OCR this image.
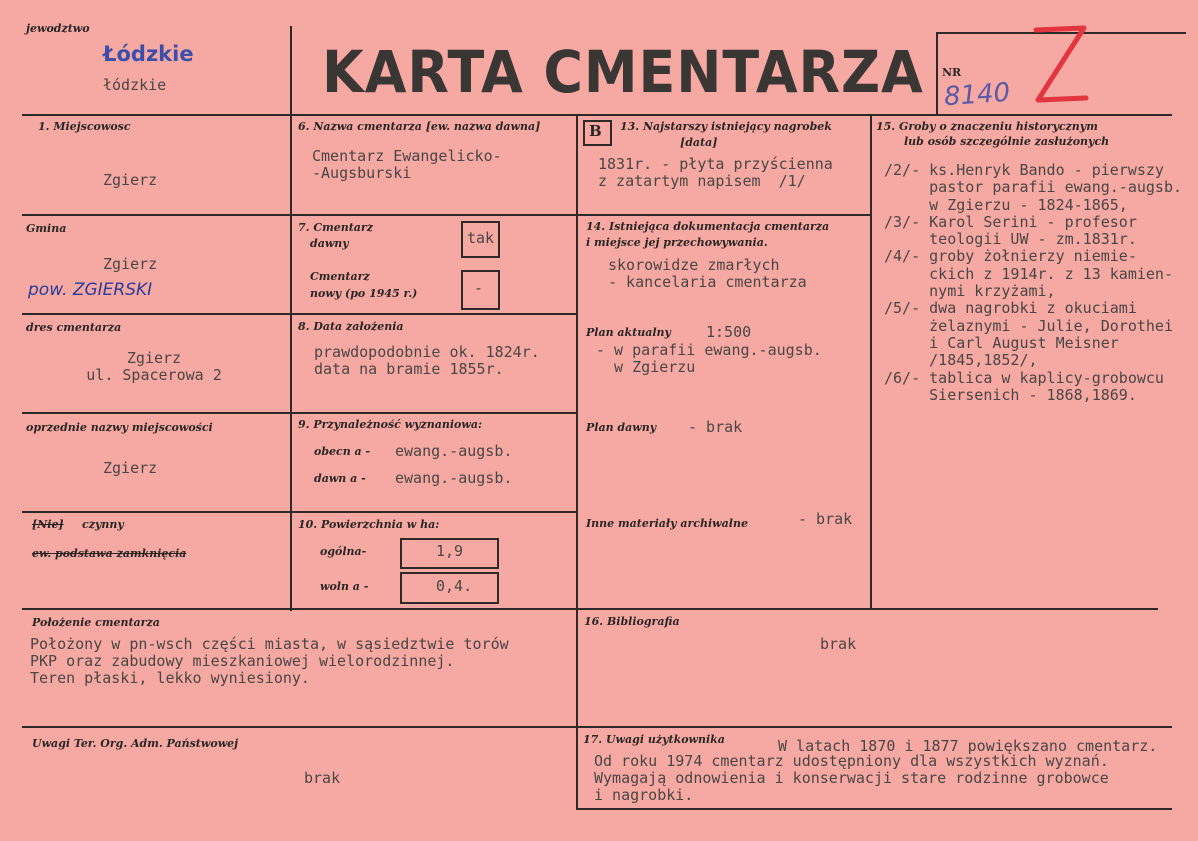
jewodztwo
Łódzkie
łódzkie	KARTA CMENTARZA NR
8140
1. Miejscowosc
Zgierz
Gmina
Zgierz
pow. ZGIERSKI
dres cmentarza
Zgierz
ul. Spacerowa 2
oprzednie nazwy miejscowości
Zgierz
[Nie] czynny
ew. podstawa zamknięcia
Położenie cmentarza
Położony w pn-wsch części miasta, w sąsiedztwie torów
PKP oraz zabudowy mieszkaniowej wielorodzinnej.
Teren płaski, lekko wyniesiony.
Uwagi Ter. Org. Adm. Państwowej
brak
6. Nazwa cmentarza [ew. nazwa dawna]
Cmentarz Ewangelicko-
-Augsburski
7. Cmentarz
dawny	tak
Cmentarz
nowy (po 1945 r.)	-
8. Data założenia
prawdopodobnie ok. 1824r.
data na bramie 1855r.
9. Przynależność wyznaniowa:
obecn a - ewang.-augsb.
dawn a - ewang.-augsb.
10. Powierzchnia w ha:
ogólna-	1,9
woln a -	0,4.
B 13. Najstarszy istniejący nagrobek
[data]
1831r. - płyta przyścienna
z zatartym napisem  /1/
14. Istniejąca dokumentacja cmentarza
i miejsce jej przechowywania.
skorowidze zmarłych
- kancelaria cmentarza
Plan aktualny 1:500
- w parafii ewang.-augsb.
w Zgierzu
Plan dawny - brak
Inne materiały archiwalne	- brak
16. Bibliografia
brak
17. Uwagi użytkownika	W latach 1870 i 1877 powiększano cmentarz.
Od roku 1974 cmentarz udostępniony dla wszystkich wyznań.
Wymagają odnowienia i konserwacji stare rodzinne grobowce
i nagrobki.
15. Groby o znaczeniu historycznym
lub osób szczególnie zasłużonych
/2/- ks.Henryk Bando - pierwszy
pastor parafii ewang.-augsb.
w Zgierzu - 1824-1865,
/3/- Karol Serini - profesor
teologii UW - zm.1831r.
/4/- groby żołnierzy niemie-
ckich z 1914r. z 13 kamien-
nymi krzyżami,
/5/- dwa nagrobki z okuciami
żelaznymi - Julie, Dorothei
i Carl August Meisner
/1845,1852/,
/6/- tablica w kaplicy-grobowcu
Siersenich - 1868,1869.
